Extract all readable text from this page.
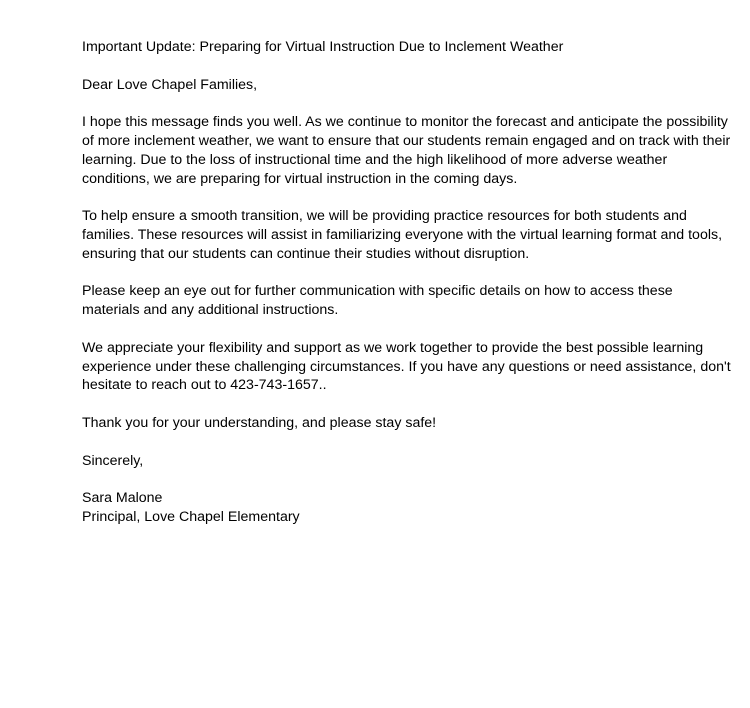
Important Update: Preparing for Virtual Instruction Due to Inclement Weather

Dear Love Chapel Families,

I hope this message finds you well. As we continue to monitor the forecast and anticipate the possibility of more inclement weather, we want to ensure that our students remain engaged and on track with their learning. Due to the loss of instructional time and the high likelihood of more adverse weather conditions, we are preparing for virtual instruction in the coming days.

To help ensure a smooth transition, we will be providing practice resources for both students and families. These resources will assist in familiarizing everyone with the virtual learning format and tools, ensuring that our students can continue their studies without disruption.

Please keep an eye out for further communication with specific details on how to access these materials and any additional instructions.

We appreciate your flexibility and support as we work together to provide the best possible learning experience under these challenging circumstances. If you have any questions or need assistance, don't hesitate to reach out to 423-743-1657..

Thank you for your understanding, and please stay safe!

Sincerely,

Sara Malone
Principal, Love Chapel Elementary
